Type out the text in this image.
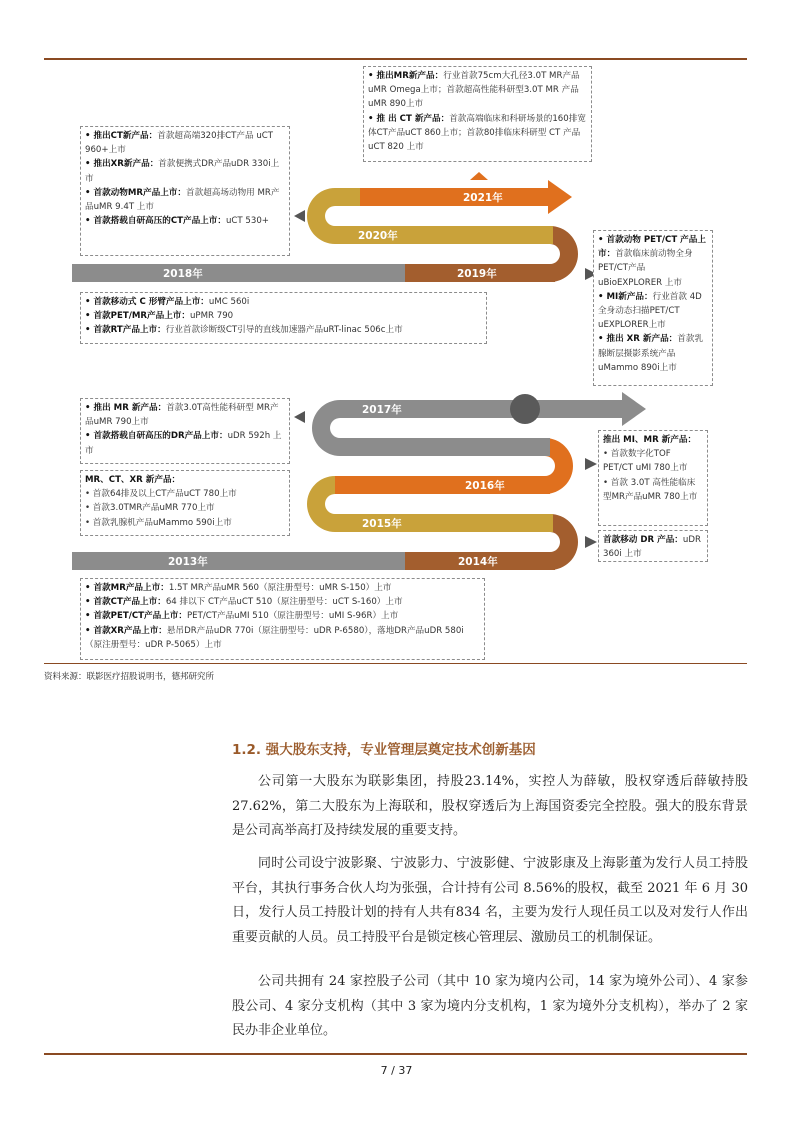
2018年	2019年
2020年
2021年
• 推出MR新产品：行业首款75cm大孔径3.0T MR产品 uMR Omega上市；首款超高性能科研型3.0T MR 产品uMR 890上市
• 推 出 CT 新产品：首款高端临床和科研场景的160排宽体CT产品uCT 860上市；首款80排临床科研型 CT 产品 uCT 820 上市
• 推出CT新产品：首款超高端320排CT产品 uCT 960+上市
• 推出XR新产品：首款便携式DR产品uDR 330i上市
• 首款动物MR产品上市：首款超高场动物用 MR产品uMR 9.4T 上市
• 首款搭载自研高压的CT产品上市：uCT 530+
• 首款移动式 C 形臂产品上市：uMC 560i
• 首款PET/MR产品上市：uPMR 790
• 首款RT产品上市：行业首款诊断级CT引导的直线加速器产品uRT-linac 506c上市
• 首款动物 PET/CT 产品上市：首款临床前动物全身PET/CT产品uBioEXPLORER 上市
• MI新产品：行业首款 4D 全身动态扫描PET/CT uEXPLORER上市
• 推出 XR 新产品：首款乳腺断层摄影系统产品uMammo 890i上市
2013年	2014年
2015年
2016年
2017年
• 推出 MR 新产品：首款3.0T高性能科研型 MR产品uMR 790上市
• 首款搭载自研高压的DR产品上市：uDR 592h 上市
MR、CT、XR 新产品：
• 首款64排及以上CT产品uCT 780上市
• 首款3.0TMR产品uMR 770上市
• 首款乳腺机产品uMammo 590i上市
推出 MI、MR 新产品：
• 首款数字化TOF PET/CT uMI 780上市
• 首款 3.0T 高性能临床型MR产品uMR 780上市
首款移动 DR 产品：uDR 360i 上市
• 首款MR产品上市：1.5T MR产品uMR 560（原注册型号：uMR S-150）上市
• 首款CT产品上市：64 排以下 CT产品uCT 510（原注册型号：uCT S-160）上市
• 首款PET/CT产品上市：PET/CT产品uMI 510（原注册型号：uMI S-96R）上市
• 首款XR产品上市：悬吊DR产品uDR 770i（原注册型号：uDR P-6580），落地DR产品uDR 580i（原注册型号：uDR P-5065）上市
资料来源：联影医疗招股说明书，德邦研究所
1.2. 强大股东支持，专业管理层奠定技术创新基因
公司第一大股东为联影集团，持股23.14%，实控人为薛敏，股权穿透后薛敏持股27.62%，第二大股东为上海联和，股权穿透后为上海国资委完全控股。强大的股东背景是公司高举高打及持续发展的重要支持。
同时公司设宁波影聚、宁波影力、宁波影健、宁波影康及上海影董为发行人员工持股平台，其执行事务合伙人均为张强，合计持有公司 8.56%的股权，截至 2021 年 6 月 30 日，发行人员工持股计划的持有人共有834 名，主要为发行人现任员工以及对发行人作出重要贡献的人员。员工持股平台是锁定核心管理层、激励员工的机制保证。
公司共拥有 24 家控股子公司（其中 10 家为境内公司，14 家为境外公司）、4 家参股公司、4 家分支机构（其中 3 家为境内分支机构，1 家为境外分支机构），举办了 2 家民办非企业单位。
7 / 37
